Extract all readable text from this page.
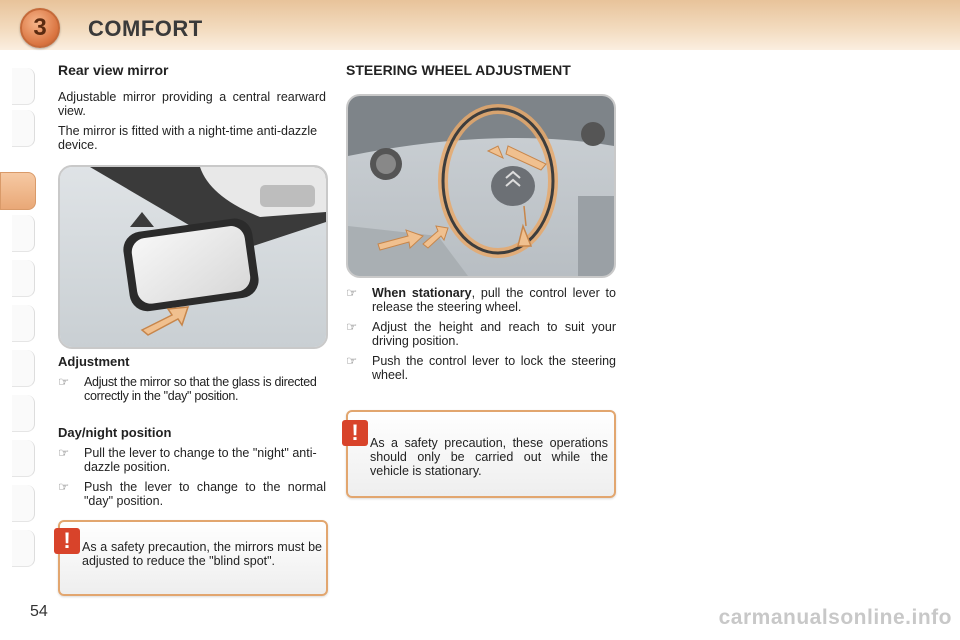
3	COMFORT
Rear view mirror

Adjustable mirror providing a central rearward view.

The mirror is fitted with a night-time anti-dazzle device.

Adjustment
☞	Adjust the mirror so that the glass is directed correctly in the "day" position.
Day/night position
☞	Pull the lever to change to the "night" anti-dazzle position.
☞	Push the lever to change to the normal "day" position.
As a safety precaution, the mirrors must be adjusted to reduce the "blind spot".
!
STEERING WHEEL ADJUSTMENT
☞	When stationary, pull the control lever to release the steering wheel.
☞	Adjust the height and reach to suit your driving position.
☞	Push the control lever to lock the steering wheel.
As a safety precaution, these operations should only be carried out while the vehicle is stationary.
!
54	carmanualsonline.info
